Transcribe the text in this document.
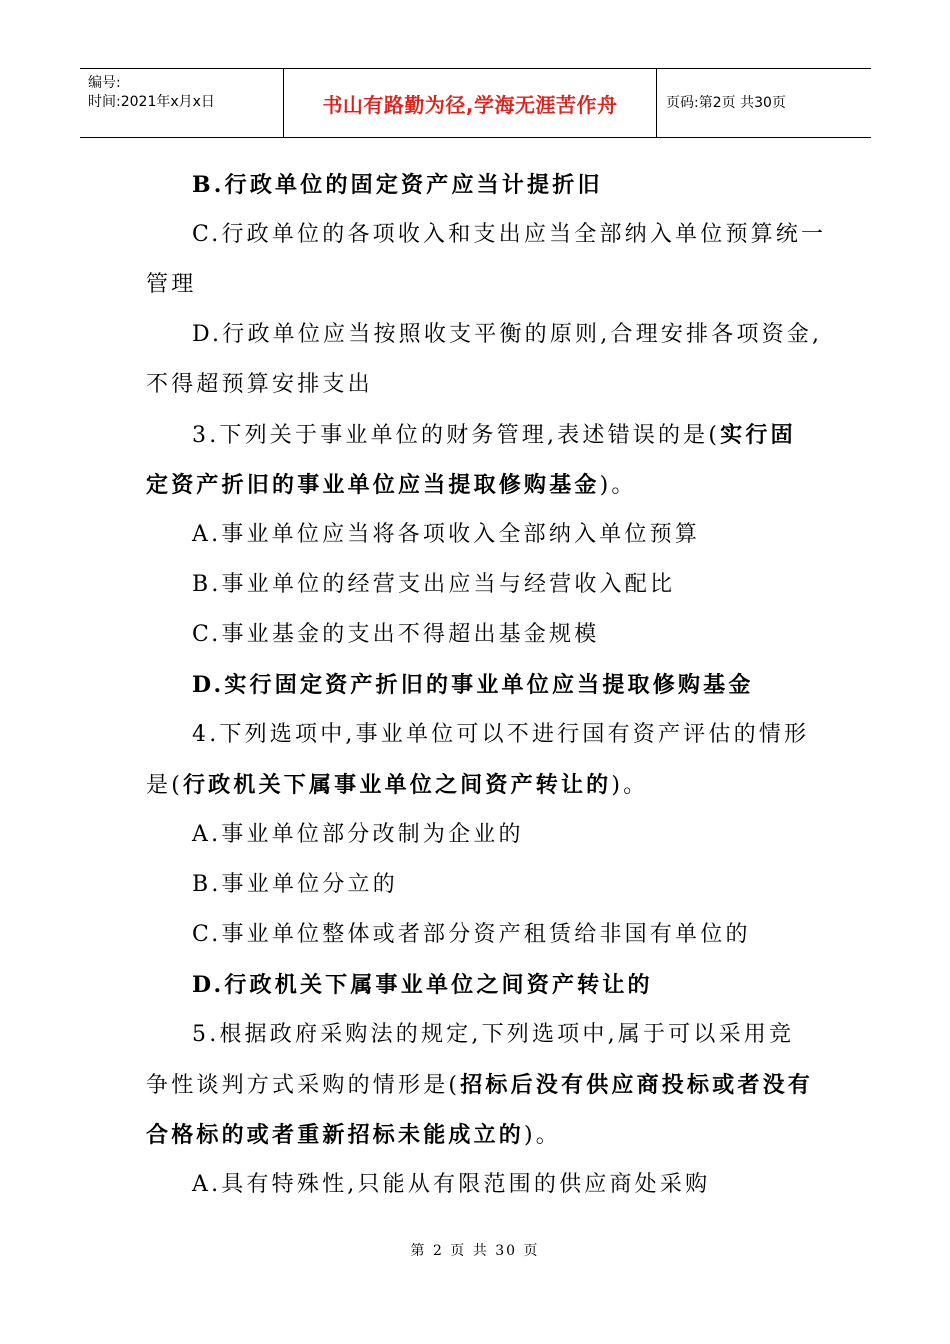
编号:
时间:2021年x月x日	书山有路勤为径,学海无涯苦作舟	页码:第2页 共30页
B.行政单位的固定资产应当计提折旧
C.行政单位的各项收入和支出应当全部纳入单位预算统一
管理
D.行政单位应当按照收支平衡的原则,合理安排各项资金,
不得超预算安排支出
3.下列关于事业单位的财务管理,表述错误的是(实行固
定资产折旧的事业单位应当提取修购基金)。
A.事业单位应当将各项收入全部纳入单位预算
B.事业单位的经营支出应当与经营收入配比
C.事业基金的支出不得超出基金规模
D.实行固定资产折旧的事业单位应当提取修购基金
4.下列选项中,事业单位可以不进行国有资产评估的情形
是(行政机关下属事业单位之间资产转让的)。
A.事业单位部分改制为企业的
B.事业单位分立的
C.事业单位整体或者部分资产租赁给非国有单位的
D.行政机关下属事业单位之间资产转让的
5.根据政府采购法的规定,下列选项中,属于可以采用竞
争性谈判方式采购的情形是(招标后没有供应商投标或者没有
合格标的或者重新招标未能成立的)。
A.具有特殊性,只能从有限范围的供应商处采购
第 2 页 共 30 页
